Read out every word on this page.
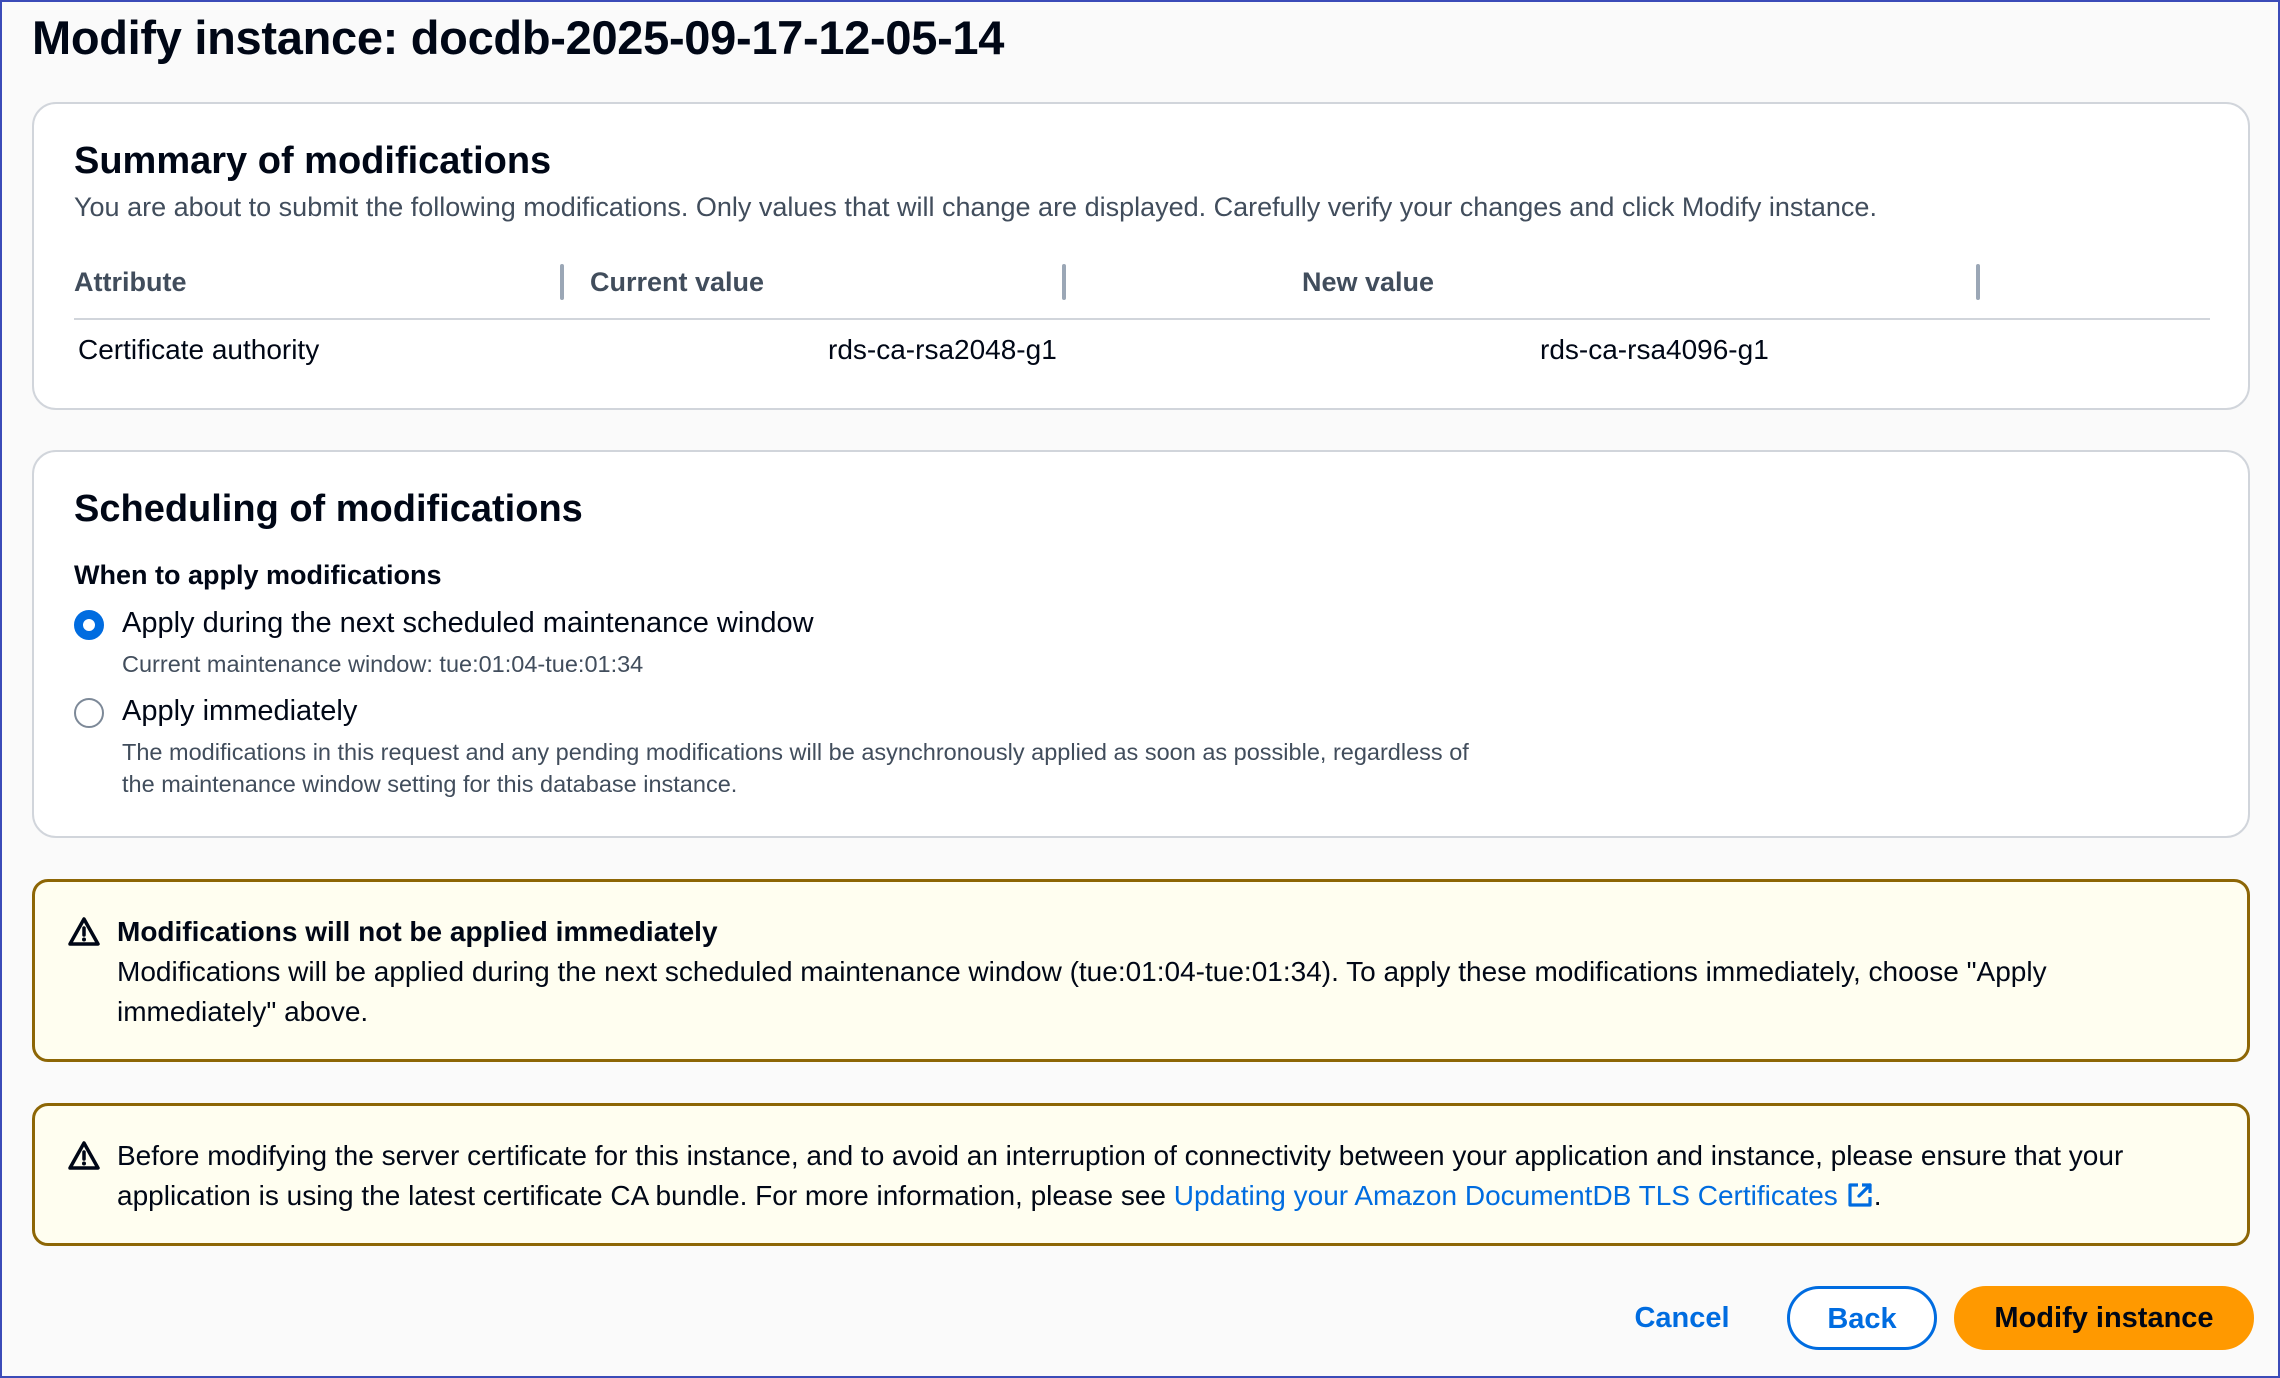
Modify instance: docdb-2025-09-17-12-05-14
Summary of modifications
You are about to submit the following modifications. Only values that will change are displayed. Carefully verify your changes and click Modify instance.
Attribute	Current value	New value
Certificate authority	rds-ca-rsa2048-g1	rds-ca-rsa4096-g1
Scheduling of modifications
When to apply modifications
Apply during the next scheduled maintenance window
Current maintenance window: tue:01:04-tue:01:34
Apply immediately
The modifications in this request and any pending modifications will be asynchronously applied as soon as possible, regardless of the maintenance window setting for this database instance.
Modifications will not be applied immediately
Modifications will be applied during the next scheduled maintenance window (tue:01:04-tue:01:34). To apply these modifications immediately, choose "Apply immediately" above.
Before modifying the server certificate for this instance, and to avoid an interruption of connectivity between your application and instance, please ensure that your application is using the latest certificate CA bundle. For more information, please see Updating your Amazon DocumentDB TLS Certificates .
Cancel	Back	Modify instance
